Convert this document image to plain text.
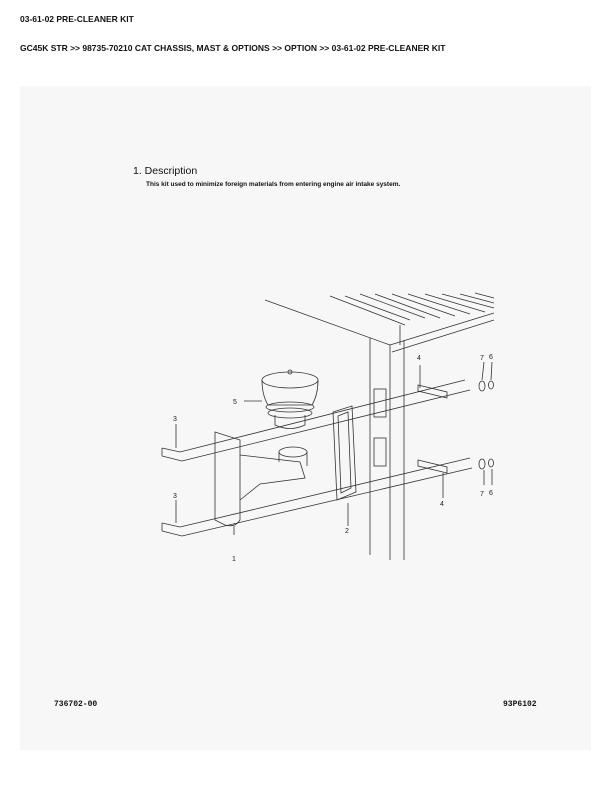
03-61-02 PRE-CLEANER KIT
GC45K STR >> 98735-70210 CAT CHASSIS, MAST & OPTIONS >> OPTION >> 03-61-02 PRE-CLEANER KIT
1. Description
This kit used to minimize foreign materials from entering engine air intake system.
5
3
3
1
2
4
4
7 6
7 6
736702-00	93P6102
